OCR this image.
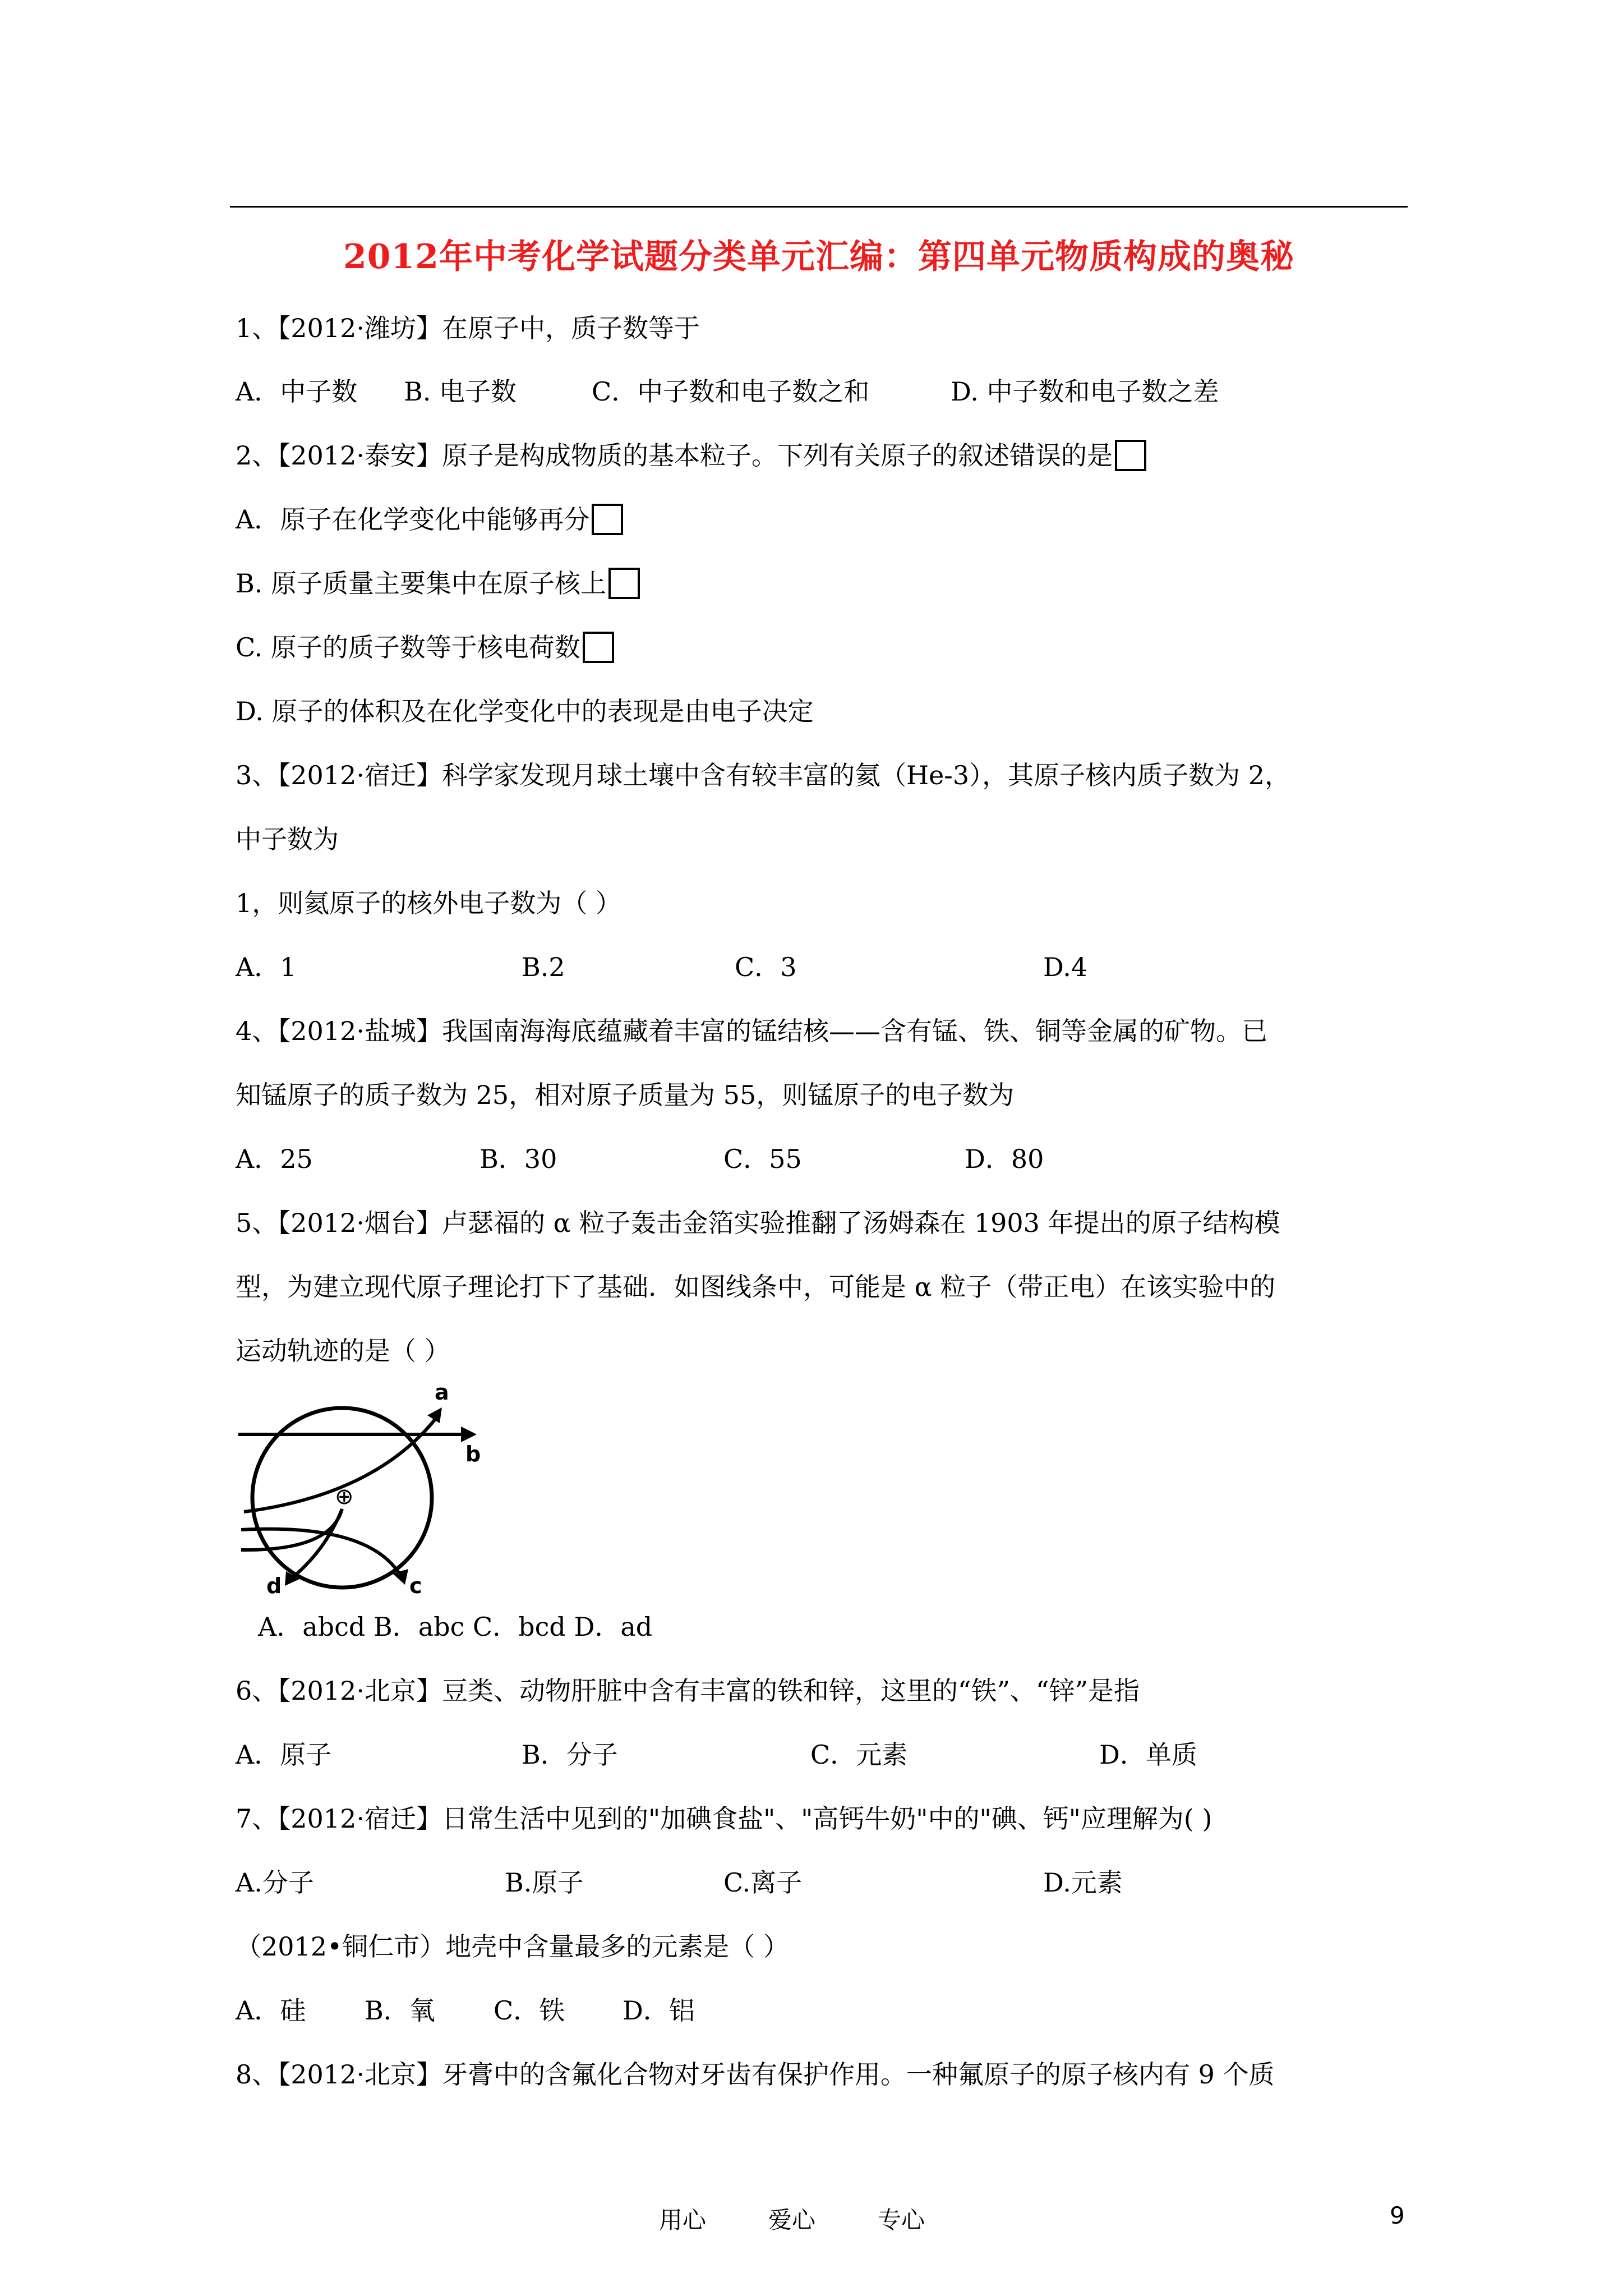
2012年中考化学试题分类单元汇编：第四单元物质构成的奥秘
1、【2012·潍坊】在原子中，质子数等于
A．中子数 B. 电子数	C．中子数和电子数之和	D. 中子数和电子数之差
2、【2012·泰安】原子是构成物质的基本粒子。下列有关原子的叙述错误的是
A．原子在化学变化中能够再分
B. 原子质量主要集中在原子核上
C. 原子的质子数等于核电荷数
D. 原子的体积及在化学变化中的表现是由电子决定
3、【2012·宿迁】科学家发现月球土壤中含有较丰富的氦（He-3），其原子核内质子数为 2，
中子数为
1，则氦原子的核外电子数为（ ）
A．1	B.2	C．3	D.4
4、【2012·盐城】我国南海海底蕴藏着丰富的锰结核——含有锰、铁、铜等金属的矿物。已
知锰原子的质子数为 25，相对原子质量为 55，则锰原子的电子数为
A．25	B．30	C．55	D．80
5、【2012·烟台】卢瑟福的 α 粒子轰击金箔实验推翻了汤姆森在 1903 年提出的原子结构模
型，为建立现代原子理论打下了基础．如图线条中，可能是 α 粒子（带正电）在该实验中的
运动轨迹的是（ ）
⊕
a
b
c
d
A．abcd B．abc C．bcd D．ad
6、【2012·北京】豆类、动物肝脏中含有丰富的铁和锌，这里的“铁”、“锌”是指
A．原子	B．分子	C．元素	D．单质
7、【2012·宿迁】日常生活中见到的"加碘食盐"、"高钙牛奶"中的"碘、钙"应理解为( )
A.分子	B.原子	C.离子	D.元素
（2012•铜仁市）地壳中含量最多的元素是（ ）
A．硅 B．氧 C．铁 D．铝
8、【2012·北京】牙膏中的含氟化合物对牙齿有保护作用。一种氟原子的原子核内有 9 个质
用心	爱心	专心	9
